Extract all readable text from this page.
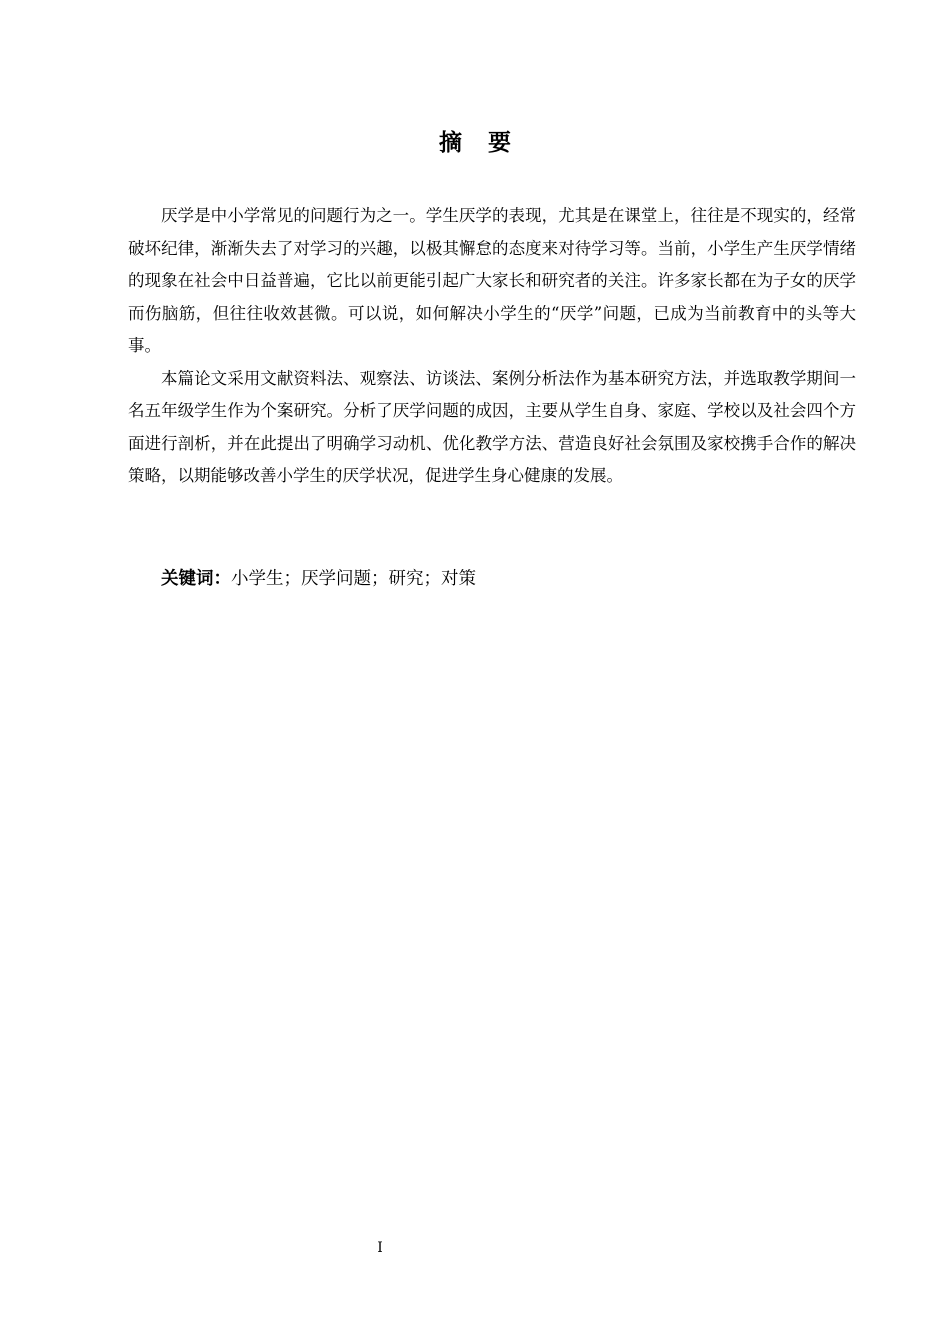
摘要

厌学是中小学常见的问题行为之一。学生厌学的表现，尤其是在课堂上，往往是不现实的，经常破坏纪律，渐渐失去了对学习的兴趣，以极其懈怠的态度来对待学习等。当前，小学生产生厌学情绪的现象在社会中日益普遍，它比以前更能引起广大家长和研究者的关注。许多家长都在为子女的厌学而伤脑筋，但往往收效甚微。可以说，如何解决小学生的“厌学”问题，已成为当前教育中的头等大事。

本篇论文采用文献资料法、观察法、访谈法、案例分析法作为基本研究方法，并选取教学期间一名五年级学生作为个案研究。分析了厌学问题的成因，主要从学生自身、家庭、学校以及社会四个方面进行剖析，并在此提出了明确学习动机、优化教学方法、营造良好社会氛围及家校携手合作的解决策略，以期能够改善小学生的厌学状况，促进学生身心健康的发展。

关键词：小学生；厌学问题；研究；对策
I
